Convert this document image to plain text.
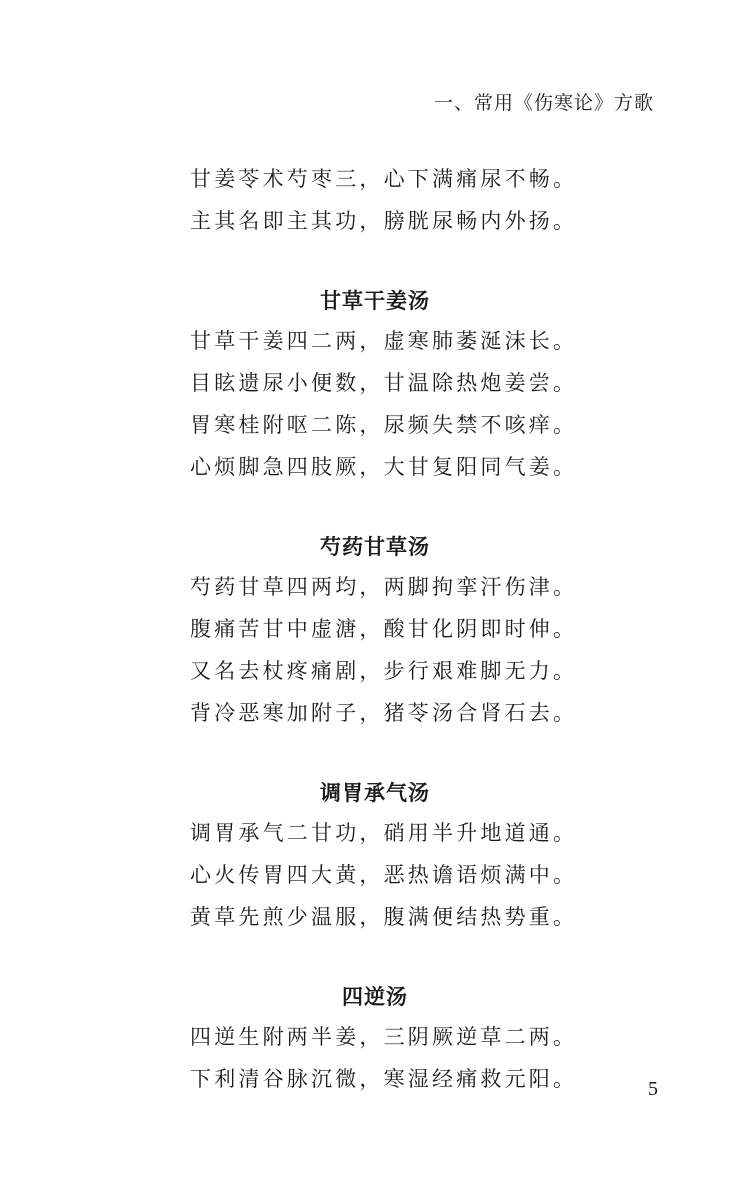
一、常用《伤寒论》方歌
甘姜苓术芍枣三，心下满痛尿不畅。
主其名即主其功，膀胱尿畅内外扬。
甘草干姜汤
甘草干姜四二两，虚寒肺萎涎沫长。
目眩遗尿小便数，甘温除热炮姜尝。
胃寒桂附呕二陈，尿频失禁不咳痒。
心烦脚急四肢厥，大甘复阳同气姜。
芍药甘草汤
芍药甘草四两均，两脚拘挛汗伤津。
腹痛苦甘中虚溏，酸甘化阴即时伸。
又名去杖疼痛剧，步行艰难脚无力。
背冷恶寒加附子，猪苓汤合肾石去。
调胃承气汤
调胃承气二甘功，硝用半升地道通。
心火传胃四大黄，恶热谵语烦满中。
黄草先煎少温服，腹满便结热势重。
四逆汤
四逆生附两半姜，三阴厥逆草二两。
下利清谷脉沉微，寒湿经痛救元阳。	5
